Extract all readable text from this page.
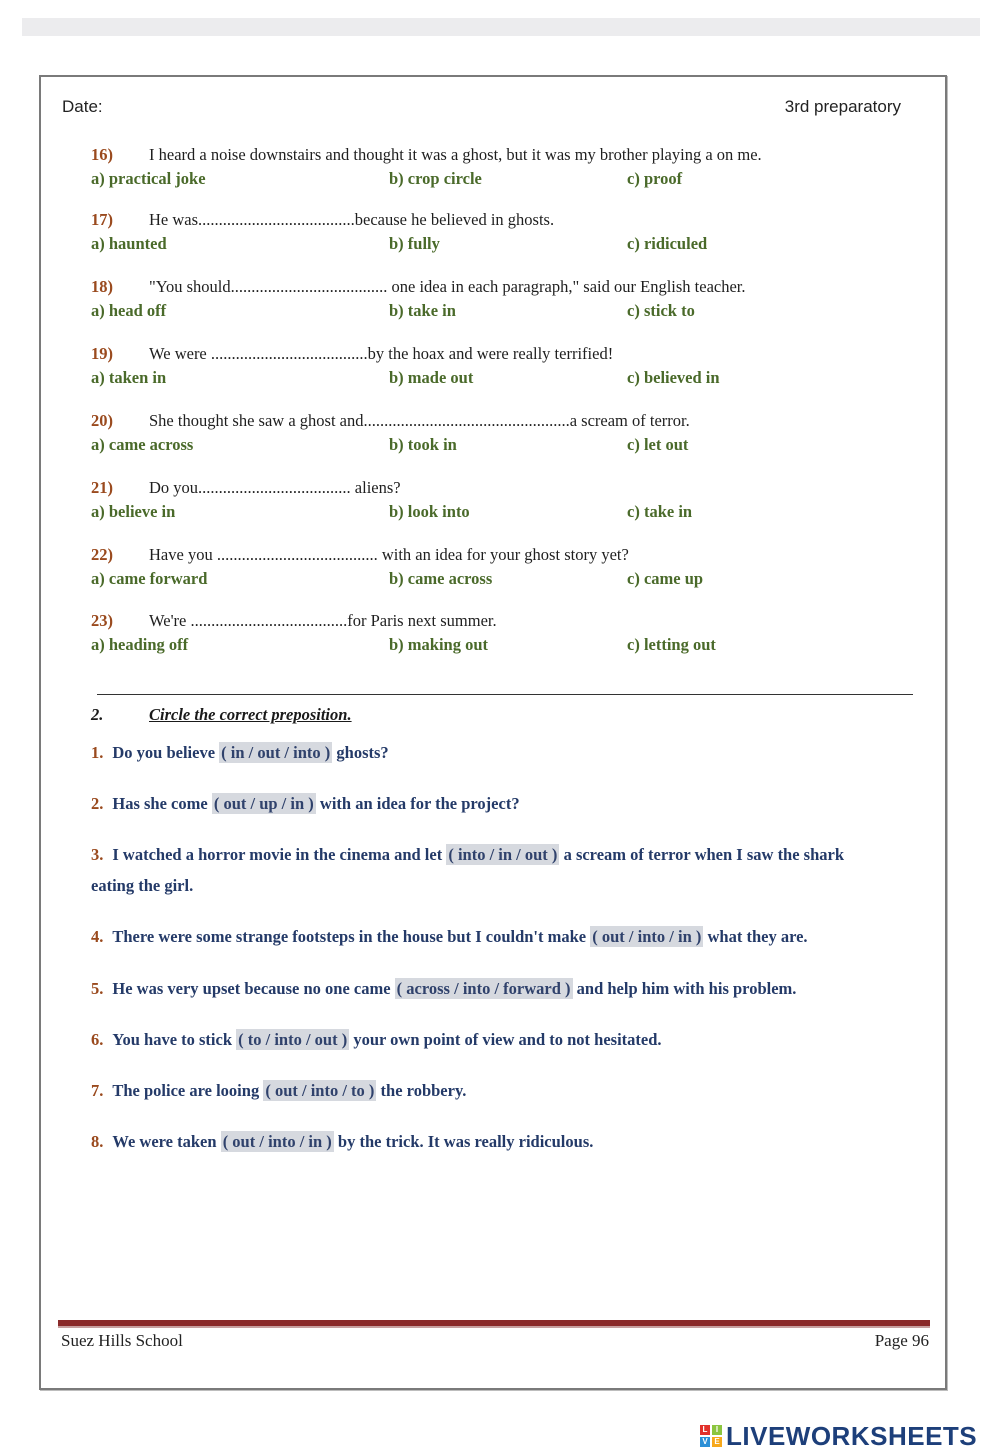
Date:	3rd preparatory
16) I heard a noise downstairs and thought it was a ghost, but it was my brother playing a on me.
a) practical joke	b) crop circle	c) proof
17) He was......................................because he believed in ghosts.
a) haunted	b) fully	c) ridiculed
18) "You should...................................... one idea in each paragraph," said our English teacher.
a) head off	b) take in	c) stick to
19) We were ......................................by the hoax and were really terrified!
a) taken in	b) made out	c) believed in
20) She thought she saw a ghost and..................................................a scream of terror.
a) came across	b) took in	c) let out
21) Do you..................................... aliens?
a) believe in	b) look into	c) take in
22) Have you ....................................... with an idea for your ghost story yet?
a) came forward	b) came across	c) came up
23) We're ......................................for Paris next summer.
a) heading off	b) making out	c) letting out
2.	Circle the correct preposition.
1. Do you believe ( in / out / into ) ghosts?
2. Has she come ( out / up / in ) with an idea for the project?
3. I watched a horror movie in the cinema and let ( into / in / out ) a scream of terror when I saw the shark eating the girl.
4. There were some strange footsteps in the house but I couldn't make ( out / into / in ) what they are.
5. He was very upset because no one came ( across / into / forward ) and help him with his problem.
6. You have to stick ( to / into / out ) your own point of view and to not hesitated.
7. The police are looing ( out / into / to ) the robbery.
8. We were taken ( out / into / in ) by the trick. It was really ridiculous.
Suez Hills School	Page 96
L	I
V E LIVEWORKSHEETS
